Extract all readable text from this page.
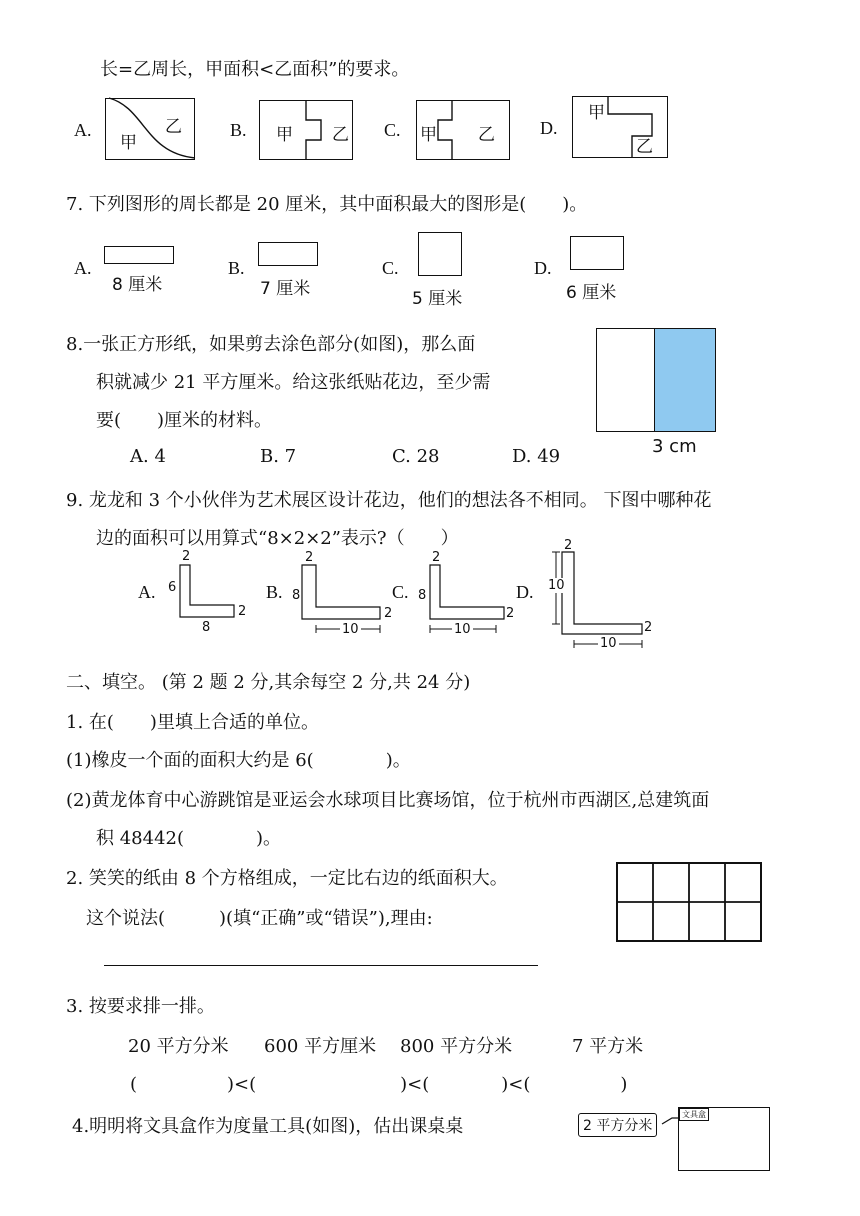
长=乙周长，甲面积<乙面积”的要求。
A.
甲
乙	B. 甲 乙 C. 甲 乙	D.
甲
乙
7. 下列图形的周长都是 20 厘米，其中面积最大的图形是(　　)。
A.
8 厘米
B.
7 厘米
C.
5 厘米
D.
6 厘米
8.一张正方形纸，如果剪去涂色部分(如图)，那么面
积就减少 21 平方厘米。给这张纸贴花边，至少需
要(　　)厘米的材料。
A. 4	B. 7	C. 28	D. 49	3 cm
9. 龙龙和 3 个小伙伴为艺术展区设计花边，他们的想法各不相同。 下图中哪种花
边的面积可以用算式“8×2×2”表示?（　　）
A.
2
6
8
2
B.
2
8
10
2
C.
2
8
10
2
D.
2
10
10
2
二、填空。 (第 2 题 2 分,其余每空 2 分,共 24 分)
1. 在(　　)里填上合适的单位。
(1)橡皮一个面的面积大约是 6(　　　　)。
(2)黄龙体育中心游跳馆是亚运会水球项目比赛场馆，位于杭州市西湖区,总建筑面
积 48442(　　　　)。
2. 笑笑的纸由 8 个方格组成，一定比右边的纸面积大。
这个说法(　　　)(填“正确”或“错误”),理由:
3. 按要求排一排。
20 平方分米 600 平方厘米 800 平方分米	7 平方米
(　　　　　)<(　　　　　　　　)<(　　　　)<(　　　　　)
4.明明将文具盒作为度量工具(如图)，估出课桌桌	2 平方分米
文具盒
